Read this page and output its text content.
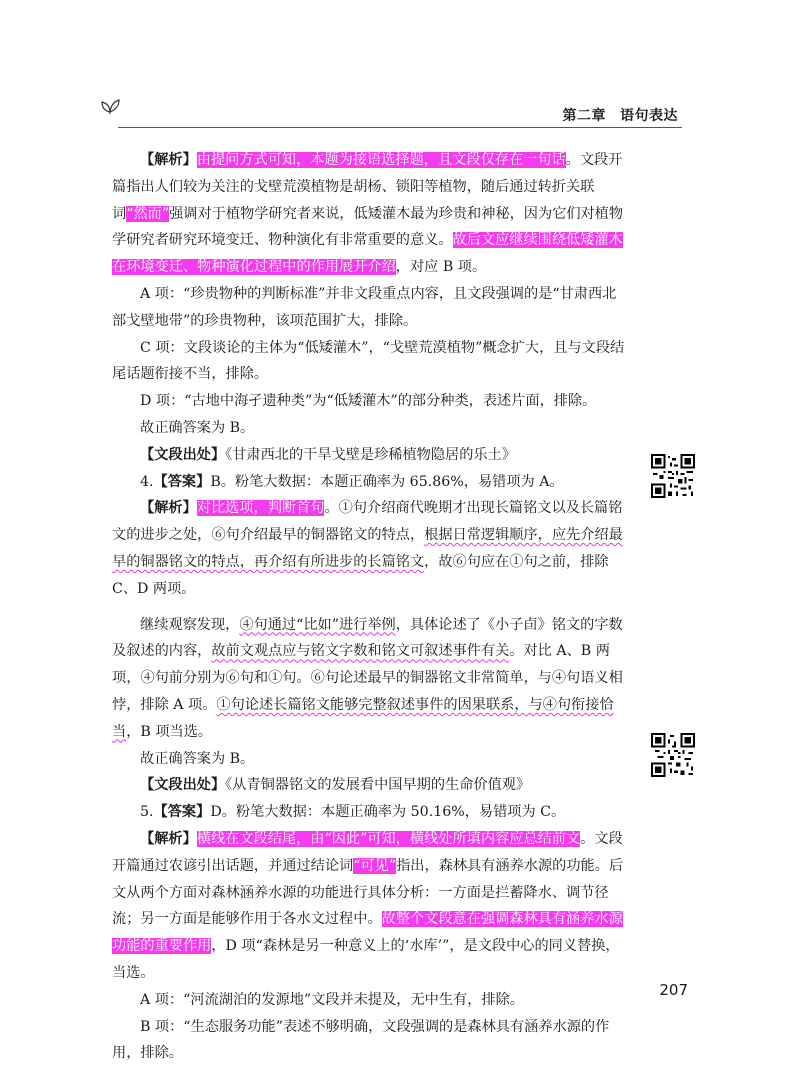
第二章 语句表达

【解析】由提问方式可知，本题为接语选择题，且文段仅存在一句话。文段开篇指出人们较为关注的戈壁荒漠植物是胡杨、锁阳等植物，随后通过转折关联词“然而”强调对于植物学研究者来说，低矮灌木最为珍贵和神秘，因为它们对植物学研究者研究环境变迁、物种演化有非常重要的意义。故后文应继续围绕低矮灌木在环境变迁、物种演化过程中的作用展开介绍，对应 B 项。

A 项：“珍贵物种的判断标准”并非文段重点内容，且文段强调的是“甘肃西北部戈壁地带”的珍贵物种，该项范围扩大，排除。

C 项：文段谈论的主体为“低矮灌木”，“戈壁荒漠植物”概念扩大，且与文段结尾话题衔接不当，排除。

D 项：“古地中海孑遗种类”为“低矮灌木”的部分种类，表述片面，排除。

故正确答案为 B。

【文段出处】《甘肃西北的干旱戈壁是珍稀植物隐居的乐土》

4.【答案】B。粉笔大数据：本题正确率为 65.86%，易错项为 A。

【解析】对比选项，判断首句。①句介绍商代晚期才出现长篇铭文以及长篇铭文的进步之处，⑥句介绍最早的铜器铭文的特点，根据日常逻辑顺序，应先介绍最早的铜器铭文的特点，再介绍有所进步的长篇铭文，故⑥句应在①句之前，排除 C、D 两项。

继续观察发现，④句通过“比如”进行举例，具体论述了《小子卣》铭文的字数及叙述的内容，故前文观点应与铭文字数和铭文可叙述事件有关。对比 A、B 两项，④句前分别为⑥句和①句。⑥句论述最早的铜器铭文非常简单，与④句语义相悖，排除 A 项。①句论述长篇铭文能够完整叙述事件的因果联系，与④句衔接恰当，B 项当选。

故正确答案为 B。

【文段出处】《从青铜器铭文的发展看中国早期的生命价值观》

5.【答案】D。粉笔大数据：本题正确率为 50.16%，易错项为 C。

【解析】横线在文段结尾，由“因此”可知，横线处所填内容应总结前文。文段开篇通过农谚引出话题，并通过结论词“可见”指出，森林具有涵养水源的功能。后文从两个方面对森林涵养水源的功能进行具体分析：一方面是拦蓄降水、调节径流；另一方面是能够作用于各水文过程中。故整个文段意在强调森林具有涵养水源功能的重要作用，D 项“森林是另一种意义上的‘水库’”，是文段中心的同义替换，当选。

A 项：“河流湖泊的发源地”文段并未提及，无中生有，排除。

B 项：“生态服务功能”表述不够明确，文段强调的是森林具有涵养水源的作用，排除。

207
